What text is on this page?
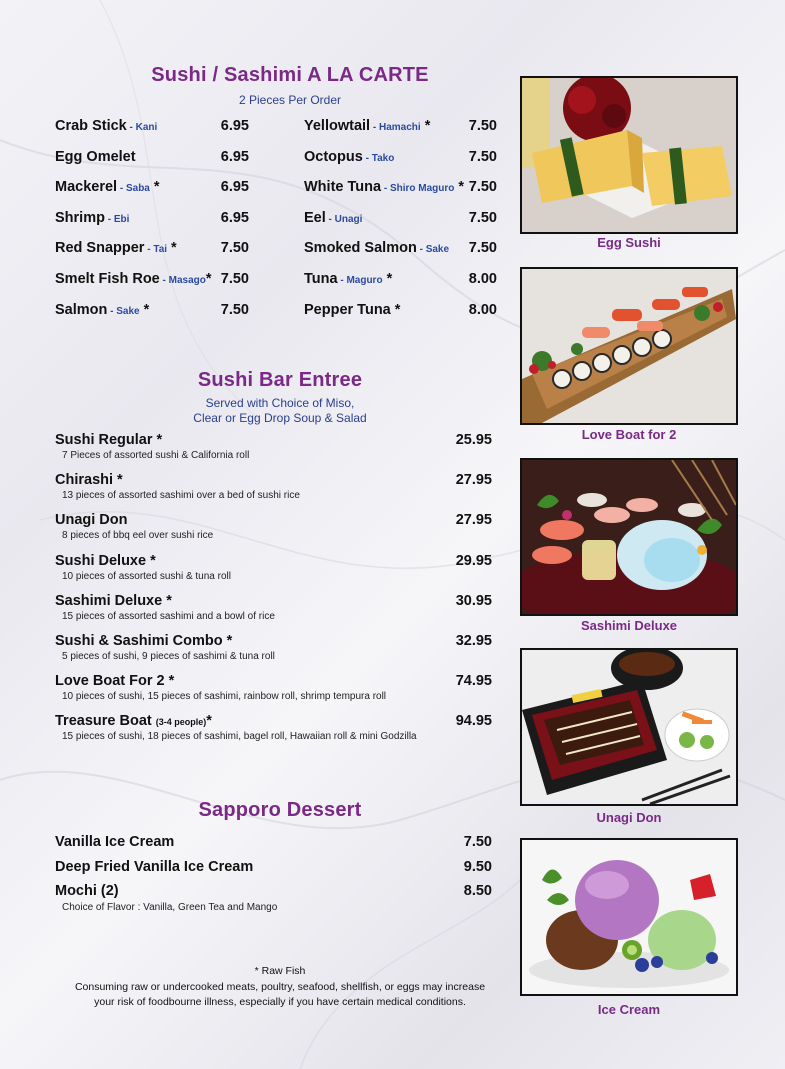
Sushi / Sashimi A LA CARTE
2 Pieces Per Order
Crab Stick - Kani	6.95
Egg Omelet	6.95
Mackerel - Saba *	6.95
Shrimp - Ebi	6.95
Red Snapper - Tai *	7.50
Smelt Fish Roe - Masago* 7.50
Salmon - Sake *	7.50
Yellowtail - Hamachi *	7.50
Octopus - Tako	7.50
White Tuna - Shiro Maguro * 7.50
Eel - Unagi	7.50
Smoked Salmon - Sake	7.50
Tuna - Maguro *	8.00
Pepper Tuna *	8.00
Sushi Bar Entree
Served with Choice of Miso,
Clear or Egg Drop Soup & Salad
Sushi Regular *	25.95
7 Pieces of assorted sushi & California roll
Chirashi *	27.95
13 pieces of assorted sashimi over a bed of sushi rice
Unagi Don	27.95
8 pieces of bbq eel over sushi rice
Sushi Deluxe *	29.95
10 pieces of assorted sushi & tuna roll
Sashimi Deluxe *	30.95
15 pieces of assorted sashimi and a bowl of rice
Sushi & Sashimi Combo *	32.95
5 pieces of sushi, 9 pieces of sashimi & tuna roll
Love Boat For 2 *	74.95
10 pieces of sushi, 15 pieces of sashimi, rainbow roll, shrimp tempura roll
Treasure Boat (3-4 people)*	94.95
15 pieces of sushi, 18 pieces of sashimi, bagel roll, Hawaiian roll & mini Godzilla
Sapporo Dessert
Vanilla Ice Cream	7.50
Deep Fried Vanilla Ice Cream	9.50
Mochi (2)	8.50
Choice of Flavor : Vanilla, Green Tea and Mango
* Raw Fish
Consuming raw or undercooked meats, poultry, seafood, shellfish, or eggs may increase
your risk of foodbourne illness, especially if you have certain medical conditions.
Egg Sushi
Love Boat for 2
Sashimi Deluxe
Unagi Don
Ice Cream
